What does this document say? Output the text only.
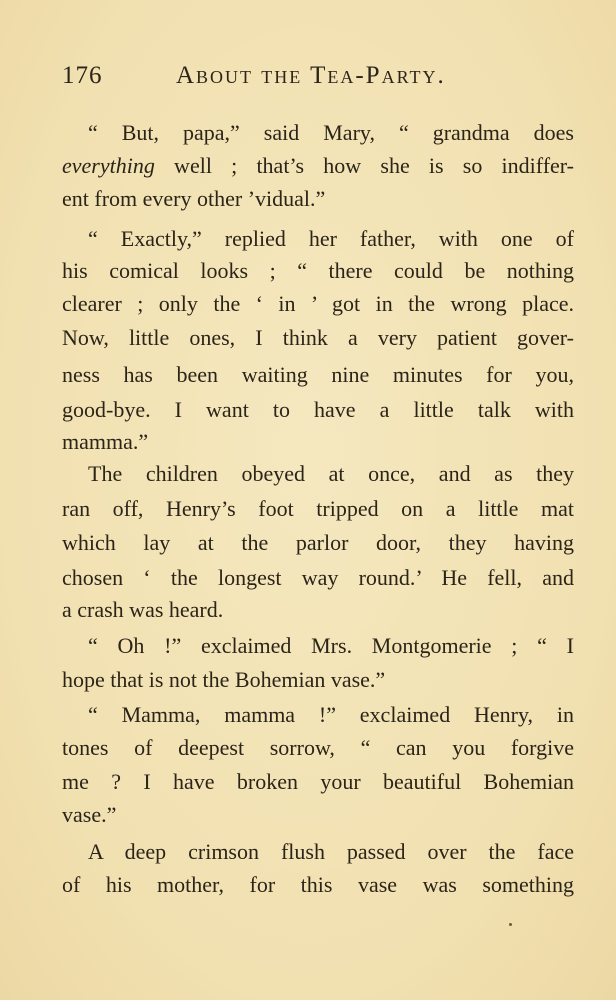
176	About the Tea-Party.
“ But, papa,” said Mary, “ grandma does
everything well ; that’s how she is so indiffer-
ent from every other ’vidual.”
“ Exactly,” replied her father, with one of
his comical looks ; “ there could be nothing
clearer ; only the ‘ in ’ got in the wrong place.
Now, little ones, I think a very patient gover-
ness has been waiting nine minutes for you,
good-bye. I want to have a little talk with
mamma.”
The children obeyed at once, and as they
ran off, Henry’s foot tripped on a little mat
which lay at the parlor door, they having
chosen ‘ the longest way round.’ He fell, and
a crash was heard.
“ Oh !” exclaimed Mrs. Montgomerie ; “ I
hope that is not the Bohemian vase.”
“ Mamma, mamma !” exclaimed Henry, in
tones of deepest sorrow, “ can you forgive
me ? I have broken your beautiful Bohemian
vase.”
A deep crimson flush passed over the face
of his mother, for this vase was something
